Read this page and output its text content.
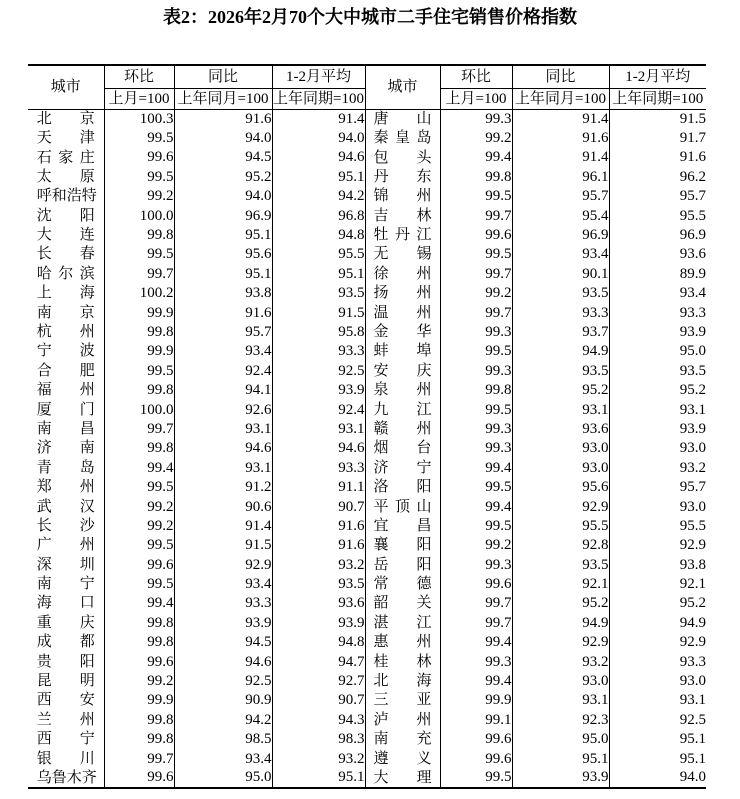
表2：2026年2月70个大中城市二手住宅销售价格指数
城市	环比	同比	1-2月平均	城市	环比	同比	1-2月平均
	上月=100	上年同月=100	上年同期=100		上月=100	上年同月=100	上年同期=100

北 京	100.3	91.6	91.4	唐 山	99.3	91.4	91.5

天 津	99.5	94.0	94.0	秦 皇 岛	99.2	91.6	91.7

石 家 庄	99.6	94.5	94.6	包 头	99.4	91.4	91.6

太 原	99.5	95.2	95.1	丹 东	99.8	96.1	96.2

呼 和 浩 特	99.2	94.0	94.2	锦 州	99.5	95.7	95.7

沈 阳	100.0	96.9	96.8	吉 林	99.7	95.4	95.5

大 连	99.8	95.1	94.8	牡 丹 江	99.6	96.9	96.9

长 春	99.5	95.6	95.5	无 锡	99.5	93.4	93.6

哈 尔 滨	99.7	95.1	95.1	徐 州	99.7	90.1	89.9

上 海	100.2	93.8	93.5	扬 州	99.2	93.5	93.4

南 京	99.9	91.6	91.5	温 州	99.7	93.3	93.3

杭 州	99.8	95.7	95.8	金 华	99.3	93.7	93.9

宁 波	99.9	93.4	93.3	蚌 埠	99.5	94.9	95.0

合 肥	99.5	92.4	92.5	安 庆	99.3	93.5	93.5

福 州	99.8	94.1	93.9	泉 州	99.8	95.2	95.2

厦 门	100.0	92.6	92.4	九 江	99.5	93.1	93.1

南 昌	99.7	93.1	93.1	赣 州	99.3	93.6	93.9

济 南	99.8	94.6	94.6	烟 台	99.3	93.0	93.0

青 岛	99.4	93.1	93.3	济 宁	99.4	93.0	93.2

郑 州	99.5	91.2	91.1	洛 阳	99.5	95.6	95.7

武 汉	99.2	90.6	90.7	平 顶 山	99.4	92.9	93.0

长 沙	99.2	91.4	91.6	宜 昌	99.5	95.5	95.5

广 州	99.5	91.5	91.6	襄 阳	99.2	92.8	92.9

深 圳	99.6	92.9	93.2	岳 阳	99.3	93.5	93.8

南 宁	99.5	93.4	93.5	常 德	99.6	92.1	92.1

海 口	99.4	93.3	93.6	韶 关	99.7	95.2	95.2

重 庆	99.8	93.9	93.9	湛 江	99.7	94.9	94.9

成 都	99.8	94.5	94.8	惠 州	99.4	92.9	92.9

贵 阳	99.6	94.6	94.7	桂 林	99.3	93.2	93.3

昆 明	99.2	92.5	92.7	北 海	99.4	93.0	93.0

西 安	99.9	90.9	90.7	三 亚	99.9	93.1	93.1

兰 州	99.8	94.2	94.3	泸 州	99.1	92.3	92.5

西 宁	99.8	98.5	98.3	南 充	99.6	95.0	95.1

银 川	99.7	93.4	93.2	遵 义	99.6	95.1	95.1

乌 鲁 木 齐	99.6	95.0	95.1	大 理	99.5	93.9	94.0
